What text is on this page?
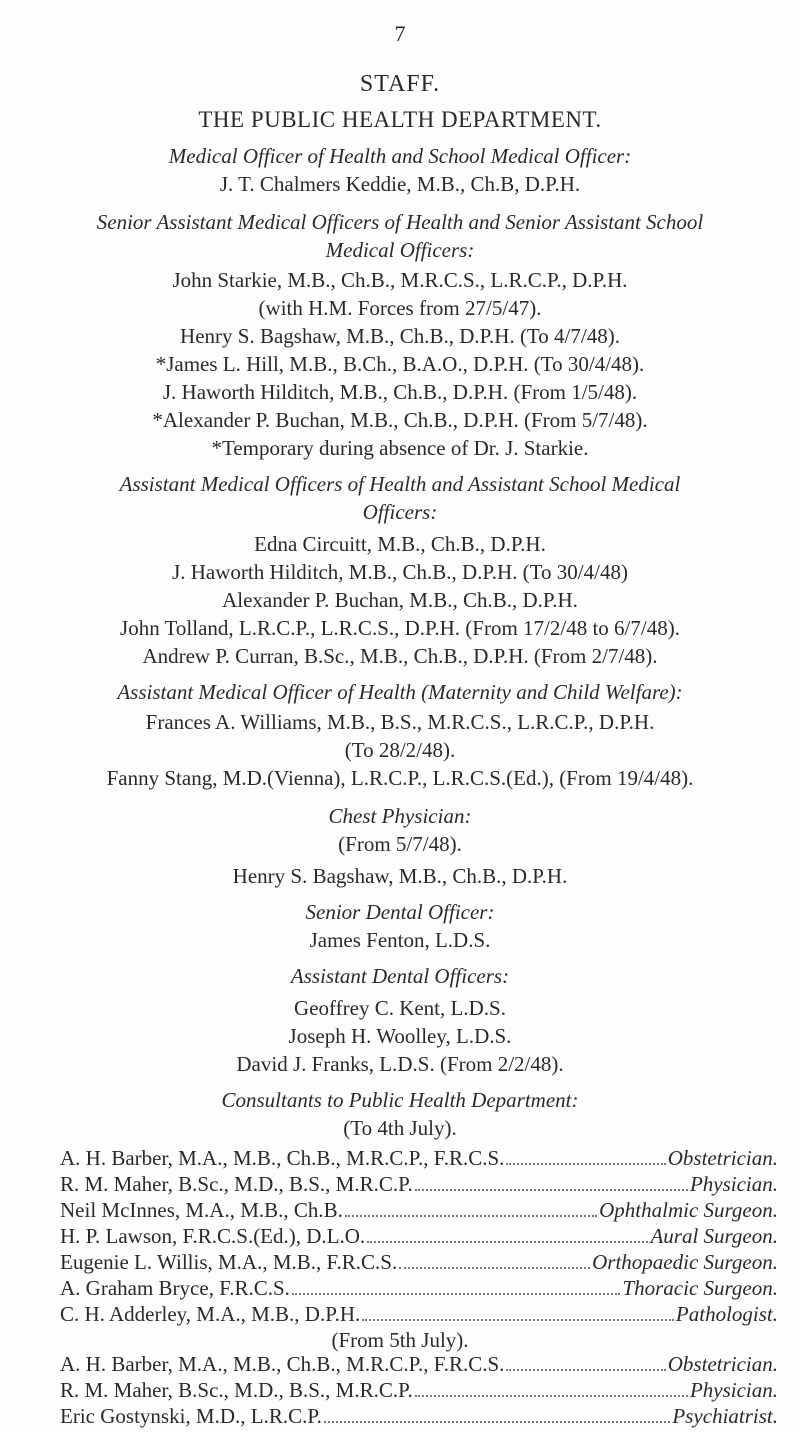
7
STAFF.
THE PUBLIC HEALTH DEPARTMENT.
Medical Officer of Health and School Medical Officer:
J. T. Chalmers Keddie, M.B., Ch.B, D.P.H.
Senior Assistant Medical Officers of Health and Senior Assistant School
Medical Officers:
John Starkie, M.B., Ch.B., M.R.C.S., L.R.C.P., D.P.H.
(with H.M. Forces from 27/5/47).
Henry S. Bagshaw, M.B., Ch.B., D.P.H. (To 4/7/48).
*James L. Hill, M.B., B.Ch., B.A.O., D.P.H. (To 30/4/48).
J. Haworth Hilditch, M.B., Ch.B., D.P.H. (From 1/5/48).
*Alexander P. Buchan, M.B., Ch.B., D.P.H. (From 5/7/48).
*Temporary during absence of Dr. J. Starkie.
Assistant Medical Officers of Health and Assistant School Medical
Officers:
Edna Circuitt, M.B., Ch.B., D.P.H.
J. Haworth Hilditch, M.B., Ch.B., D.P.H. (To 30/4/48)
Alexander P. Buchan, M.B., Ch.B., D.P.H.
John Tolland, L.R.C.P., L.R.C.S., D.P.H. (From 17/2/48 to 6/7/48).
Andrew P. Curran, B.Sc., M.B., Ch.B., D.P.H. (From 2/7/48).
Assistant Medical Officer of Health (Maternity and Child Welfare):
Frances A. Williams, M.B., B.S., M.R.C.S., L.R.C.P., D.P.H.
(To 28/2/48).
Fanny Stang, M.D.(Vienna), L.R.C.P., L.R.C.S.(Ed.), (From 19/4/48).
Chest Physician:
(From 5/7/48).
Henry S. Bagshaw, M.B., Ch.B., D.P.H.
Senior Dental Officer:
James Fenton, L.D.S.
Assistant Dental Officers:
Geoffrey C. Kent, L.D.S.
Joseph H. Woolley, L.D.S.
David J. Franks, L.D.S. (From 2/2/48).
Consultants to Public Health Department:
(To 4th July).
A. H. Barber, M.A., M.B., Ch.B., M.R.C.P., F.R.C.S.	Obstetrician.
R. M. Maher, B.Sc., M.D., B.S., M.R.C.P.	Physician.
Neil McInnes, M.A., M.B., Ch.B.	Ophthalmic Surgeon.
H. P. Lawson, F.R.C.S.(Ed.), D.L.O.	Aural Surgeon.
Eugenie L. Willis, M.A., M.B., F.R.C.S.	Orthopaedic Surgeon.
A. Graham Bryce, F.R.C.S.	Thoracic Surgeon.
C. H. Adderley, M.A., M.B., D.P.H.	Pathologist.
(From 5th July).
A. H. Barber, M.A., M.B., Ch.B., M.R.C.P., F.R.C.S.	Obstetrician.
R. M. Maher, B.Sc., M.D., B.S., M.R.C.P.	Physician.
Eric Gostynski, M.D., L.R.C.P.	Psychiatrist.
